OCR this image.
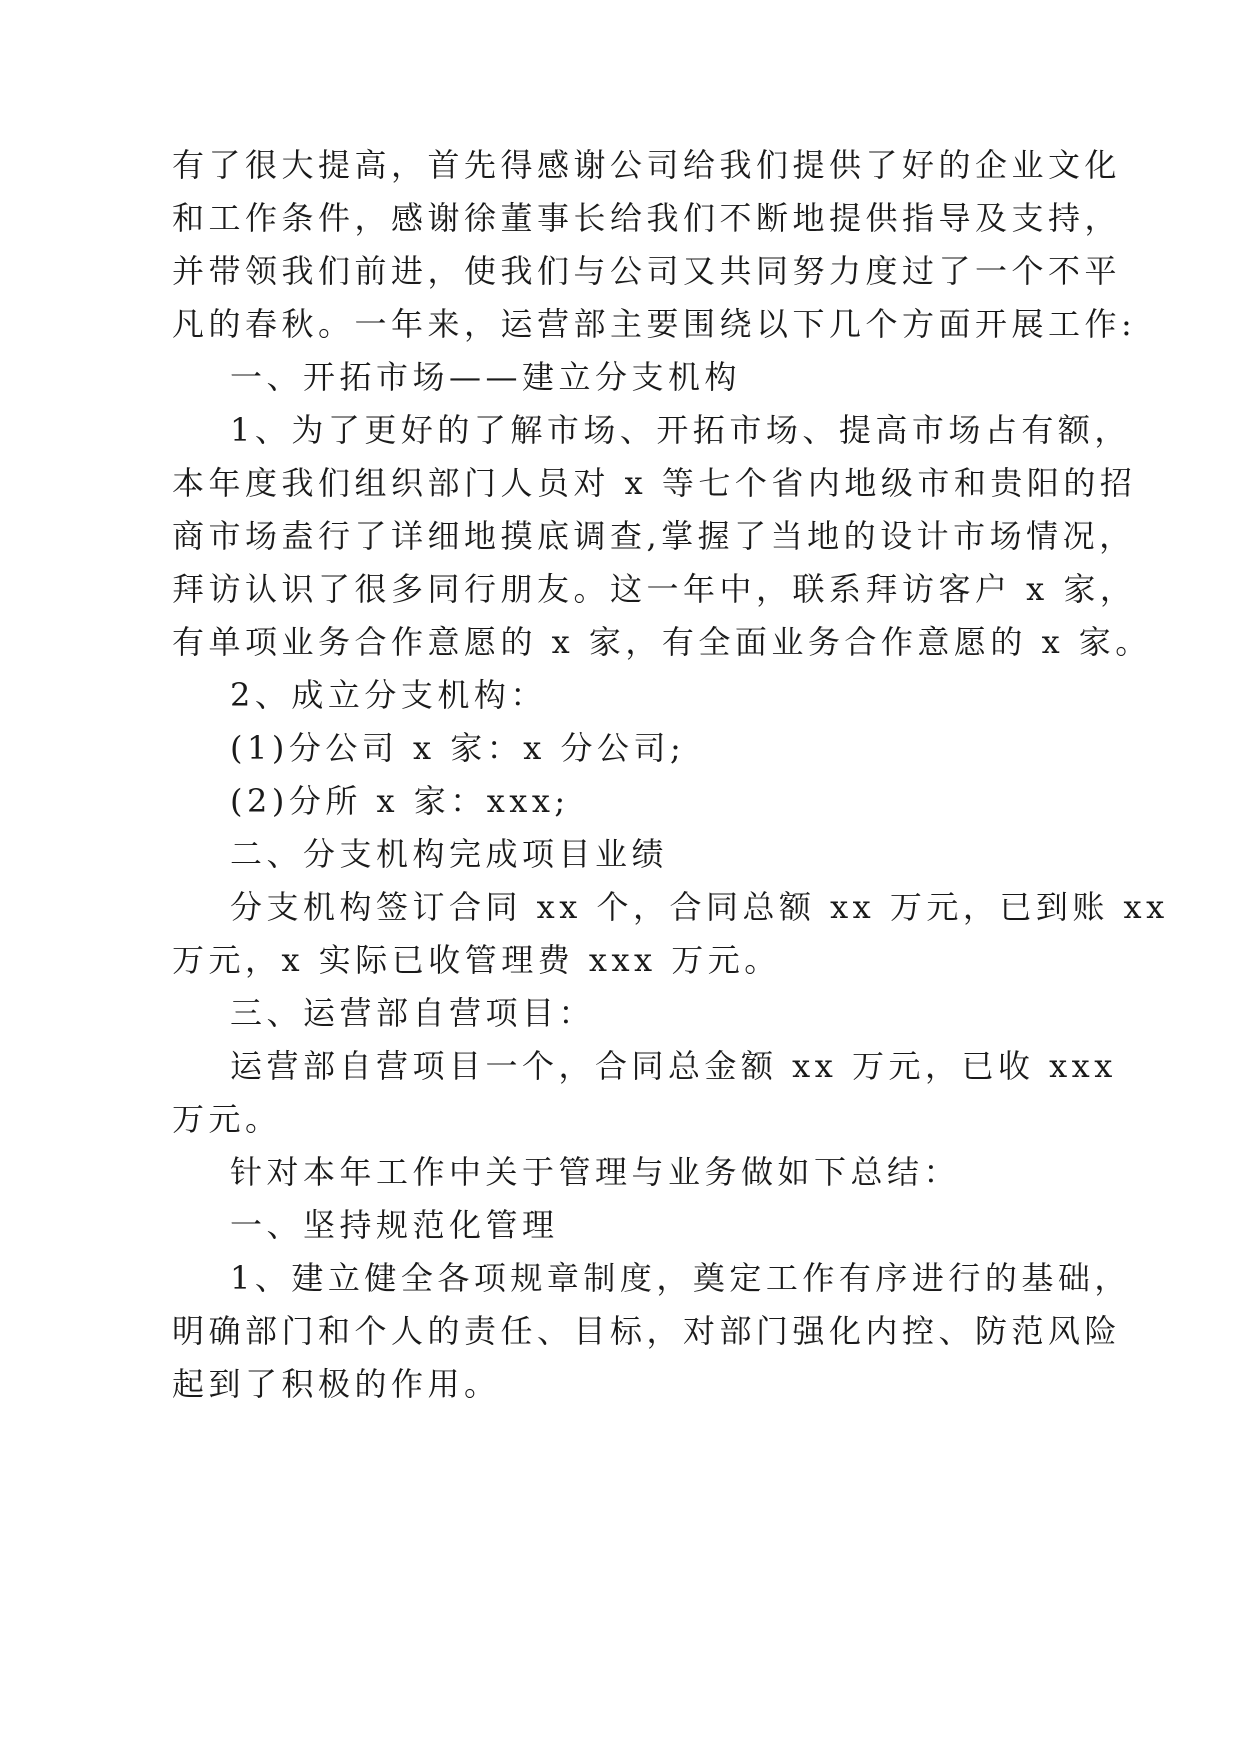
有了很大提高，首先得感谢公司给我们提供了好的企业文化
和工作条件，感谢徐董事长给我们不断地提供指导及支持，
并带领我们前进，使我们与公司又共同努力度过了一个不平
凡的春秋。一年来，运营部主要围绕以下几个方面开展工作:
一、开拓市场——建立分支机构
1、为了更好的了解市场、开拓市场、提高市场占有额，
本年度我们组织部门人员对 x 等七个省内地级市和贵阳的招
商市场盍行了详细地摸底调查,掌握了当地的设计市场情况，
拜访认识了很多同行朋友。这一年中，联系拜访客户 x 家，
有单项业务合作意愿的 x 家，有全面业务合作意愿的 x 家。
2、成立分支机构：
(1)分公司 x 家：x 分公司;
(2)分所 x 家：xxx;
二、分支机构完成项目业绩
分支机构签订合同 xx 个，合同总额 xx 万元，已到账 xx
万元，x 实际已收管理费 xxx 万元。
三、运营部自营项目：
运营部自营项目一个，合同总金额 xx 万元，已收 xxx
万元。
针对本年工作中关于管理与业务做如下总结：
一、坚持规范化管理
1、建立健全各项规章制度，奠定工作有序进行的基础，
明确部门和个人的责任、目标，对部门强化内控、防范风险
起到了积极的作用。
